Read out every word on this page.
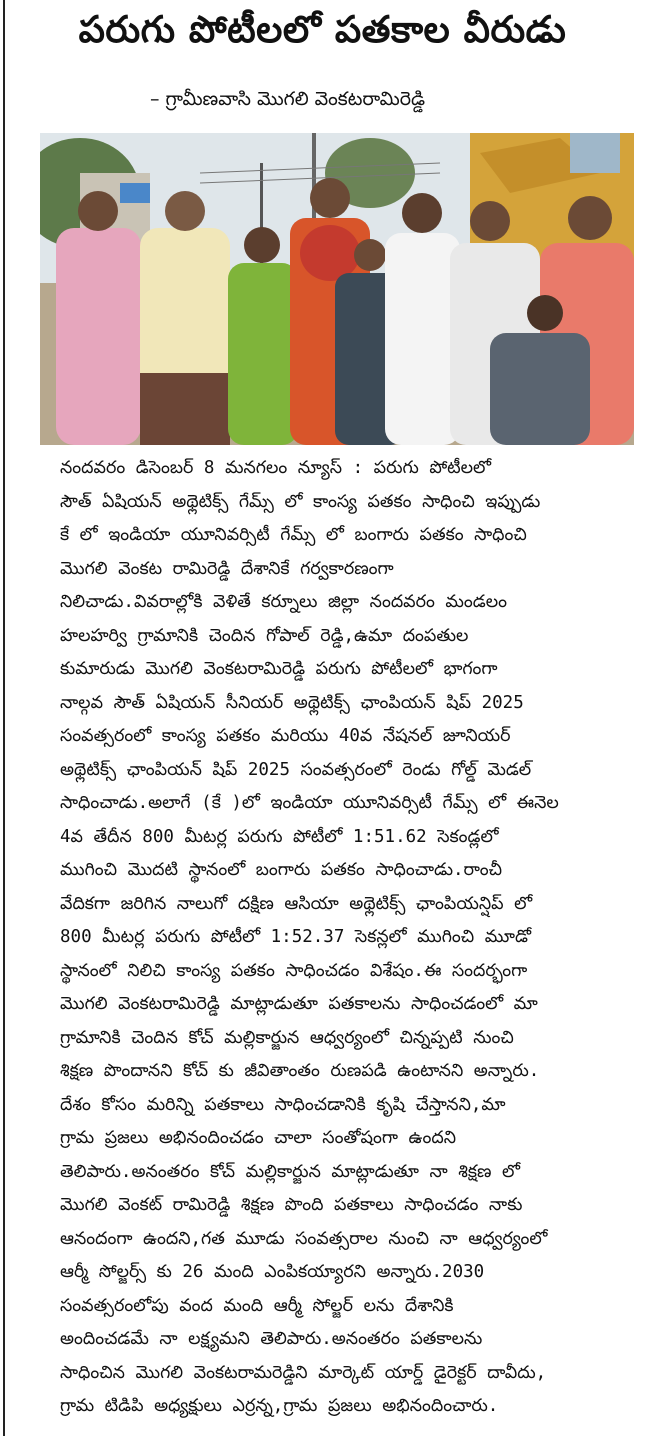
పరుగు పోటీలలో పతకాల వీరుడు
– గ్రామీణవాసి మొగలి వెంకటరామిరెడ్డి
నందవరం డిసెంబర్ 8 మనగలం న్యూస్ : పరుగు పోటీలలో
సౌత్ ఏషియన్ అథ్లెటిక్స్ గేమ్స్ లో కాంస్య పతకం సాధించి ఇప్పుడు
కే లో ఇండియా యూనివర్సిటీ గేమ్స్ లో బంగారు పతకం సాధించి
మొగలి వెంకట రామిరెడ్డి దేశానికే గర్వకారణంగా
నిలిచాడు.వివరాల్లోకి వెళితే కర్నూలు జిల్లా నందవరం మండలం
హలహర్వి గ్రామానికి చెందిన గోపాల్ రెడ్డి,ఉమా దంపతుల
కుమారుడు మొగలి వెంకటరామిరెడ్డి పరుగు పోటీలలో భాగంగా
నాల్గవ సౌత్ ఏషియన్ సీనియర్ అథ్లెటిక్స్ ఛాంపియన్ షిప్ 2025
సంవత్సరంలో కాంస్య పతకం మరియు 40వ నేషనల్ జూనియర్
అథ్లెటిక్స్ ఛాంపియన్ షిప్ 2025 సంవత్సరంలో రెండు గోల్డ్ మెడల్
సాధించాడు.అలాగే (కే )లో ఇండియా యూనివర్సిటీ గేమ్స్ లో ఈనెల
4వ తేదీన 800 మీటర్ల పరుగు పోటీలో 1:51.62 సెకండ్లలో
ముగించి మొదటి స్థానంలో బంగారు పతకం సాధించాడు.రాంచీ
వేదికగా జరిగిన నాలుగో దక్షిణ ఆసియా అథ్లెటిక్స్ ఛాంపియన్షిప్ లో
800 మీటర్ల పరుగు పోటీలో 1:52.37 సెకన్లలో ముగించి మూడో
స్థానంలో నిలిచి కాంస్య పతకం సాధించడం విశేషం.ఈ సందర్భంగా
మొగలి వెంకటరామిరెడ్డి మాట్లాడుతూ పతకాలను సాధించడంలో మా
గ్రామానికి చెందిన కోచ్ మల్లికార్జున ఆధ్వర్యంలో చిన్నప్పటి నుంచి
శిక్షణ పొందానని కోచ్ కు జీవితాంతం రుణపడి ఉంటానని అన్నారు.
దేశం కోసం మరిన్ని పతకాలు సాధించడానికి కృషి చేస్తానని,మా
గ్రామ ప్రజలు అభినందించడం చాలా సంతోషంగా ఉందని
తెలిపారు.అనంతరం కోచ్ మల్లికార్జున మాట్లాడుతూ నా శిక్షణ లో
మొగలి వెంకట్ రామిరెడ్డి శిక్షణ పొంది పతకాలు సాధించడం నాకు
ఆనందంగా ఉందని,గత మూడు సంవత్సరాల నుంచి నా ఆధ్వర్యంలో
ఆర్మీ సోల్జర్స్ కు 26 మంది ఎంపికయ్యారని అన్నారు.2030
సంవత్సరంలోపు వంద మంది ఆర్మీ సోల్జర్ లను దేశానికి
అందించడమే నా లక్ష్యమని తెలిపారు.అనంతరం పతకాలను
సాధించిన మొగలి వెంకటరామరెడ్డిని మార్కెట్ యార్డ్ డైరెక్టర్ దావీదు,
గ్రామ టిడిపి అధ్యక్షులు ఎర్రన్న,గ్రామ ప్రజలు అభినందించారు.
